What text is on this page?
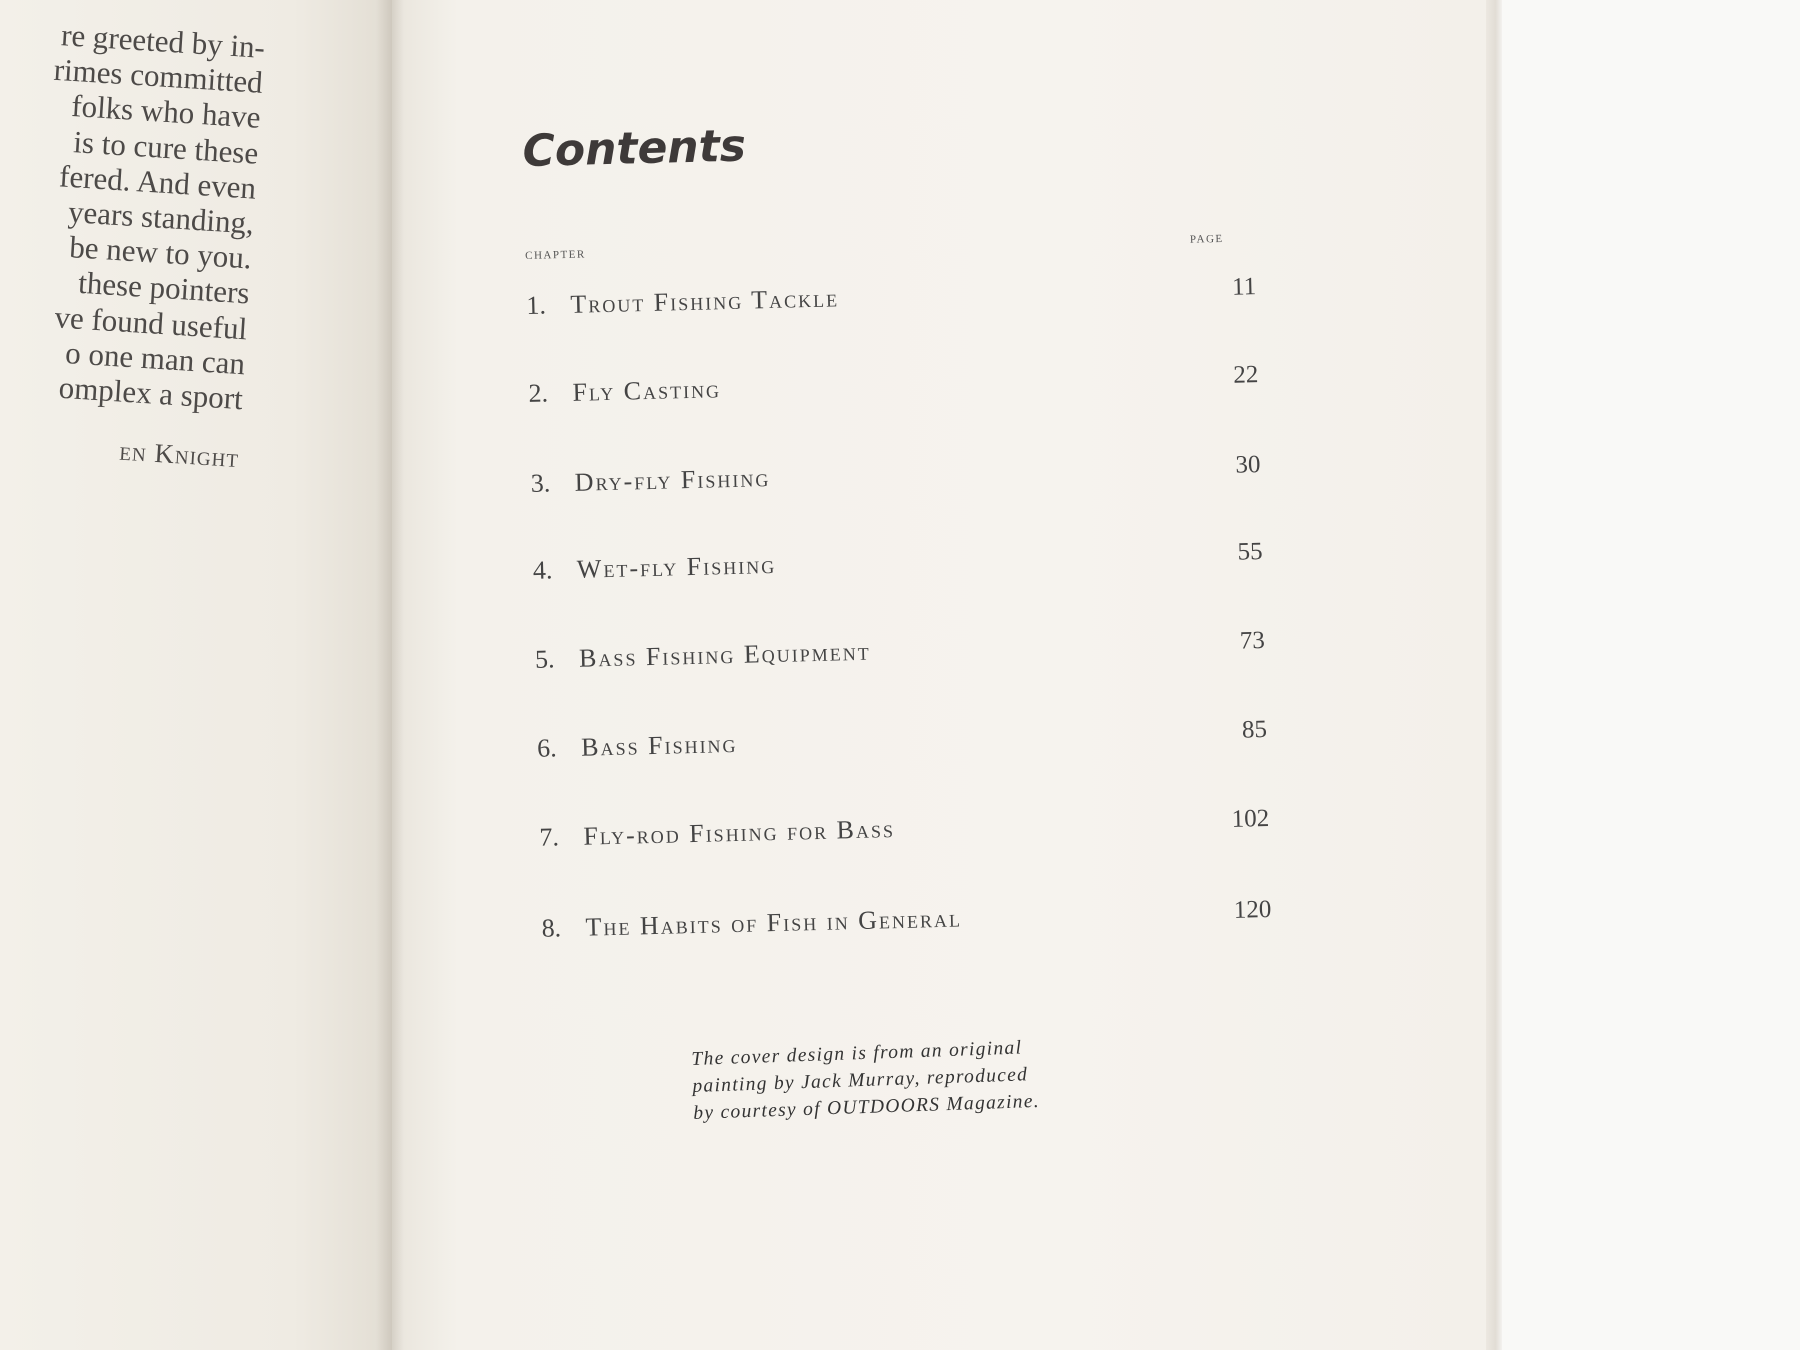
re greeted by in-
rimes committed
folks who have
is to cure these
fered. And even
years standing,
be new to you.
these pointers
ve found useful
o one man can
omplex a sport
en Knight
Contents
chapter
page
1. Trout Fishing Tackle	11
2. Fly Casting	22
3. Dry-fly Fishing	30
4. Wet-fly Fishing	55
5. Bass Fishing Equipment	73
6. Bass Fishing	85
7. Fly-rod Fishing for Bass	102
8. The Habits of Fish in General	120
The cover design is from an original
painting by Jack Murray, reproduced
by courtesy of OUTDOORS Magazine.
